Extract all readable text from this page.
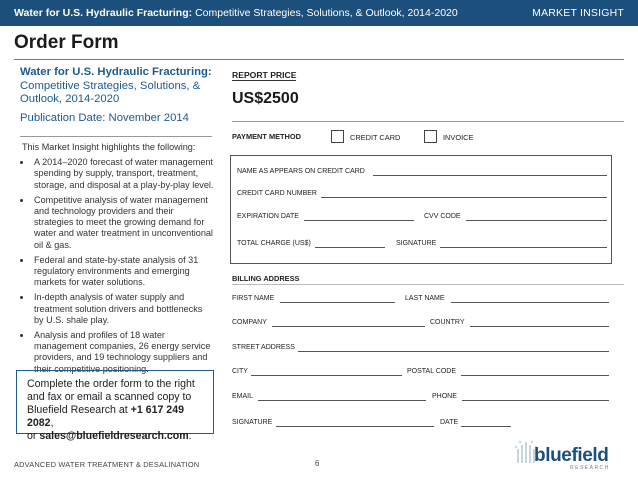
Water for U.S. Hydraulic Fracturing: Competitive Strategies, Solutions, & Outlook, 2014-2020	MARKET INSIGHT
Order Form
Water for U.S. Hydraulic Fracturing:
Competitive Strategies, Solutions, &
Outlook, 2014-2020
Publication Date: November 2014
This Market Insight highlights the following:
• A 2014–2020 forecast of water management spending by supply, transport, treatment, storage, and disposal at a play-by-play level.
• Competitive analysis of water management and technology providers and their strategies to meet the growing demand for water and water treatment in unconventional oil & gas.
• Federal and state-by-state analysis of 31 regulatory environments and emerging markets for water solutions.
• In-depth analysis of water supply and treatment solution drivers and bottlenecks by U.S. shale play.
• Analysis and profiles of 18 water management companies, 26 energy service providers, and 19 technology suppliers and their competitive positioning.
Complete the order form to the right
and fax or email a scanned copy to
Bluefield Research at +1 617 249 2082,
or sales@bluefieldresearch.com.
REPORT PRICE
US$2500
PAYMENT METHOD	CREDIT CARD	INVOICE
NAME AS APPEARS ON CREDIT CARD
CREDIT CARD NUMBER
EXPIRATION DATE	CVV CODE
TOTAL CHARGE (US$)	SIGNATURE
BILLING ADDRESS
FIRST NAME	LAST NAME
COMPANY	COUNTRY
STREET ADDRESS
CITY	POSTAL CODE
EMAIL	PHONE
SIGNATURE	DATE
ADVANCED WATER TREATMENT & DESALINATION	6	bluefield
RESEARCH
